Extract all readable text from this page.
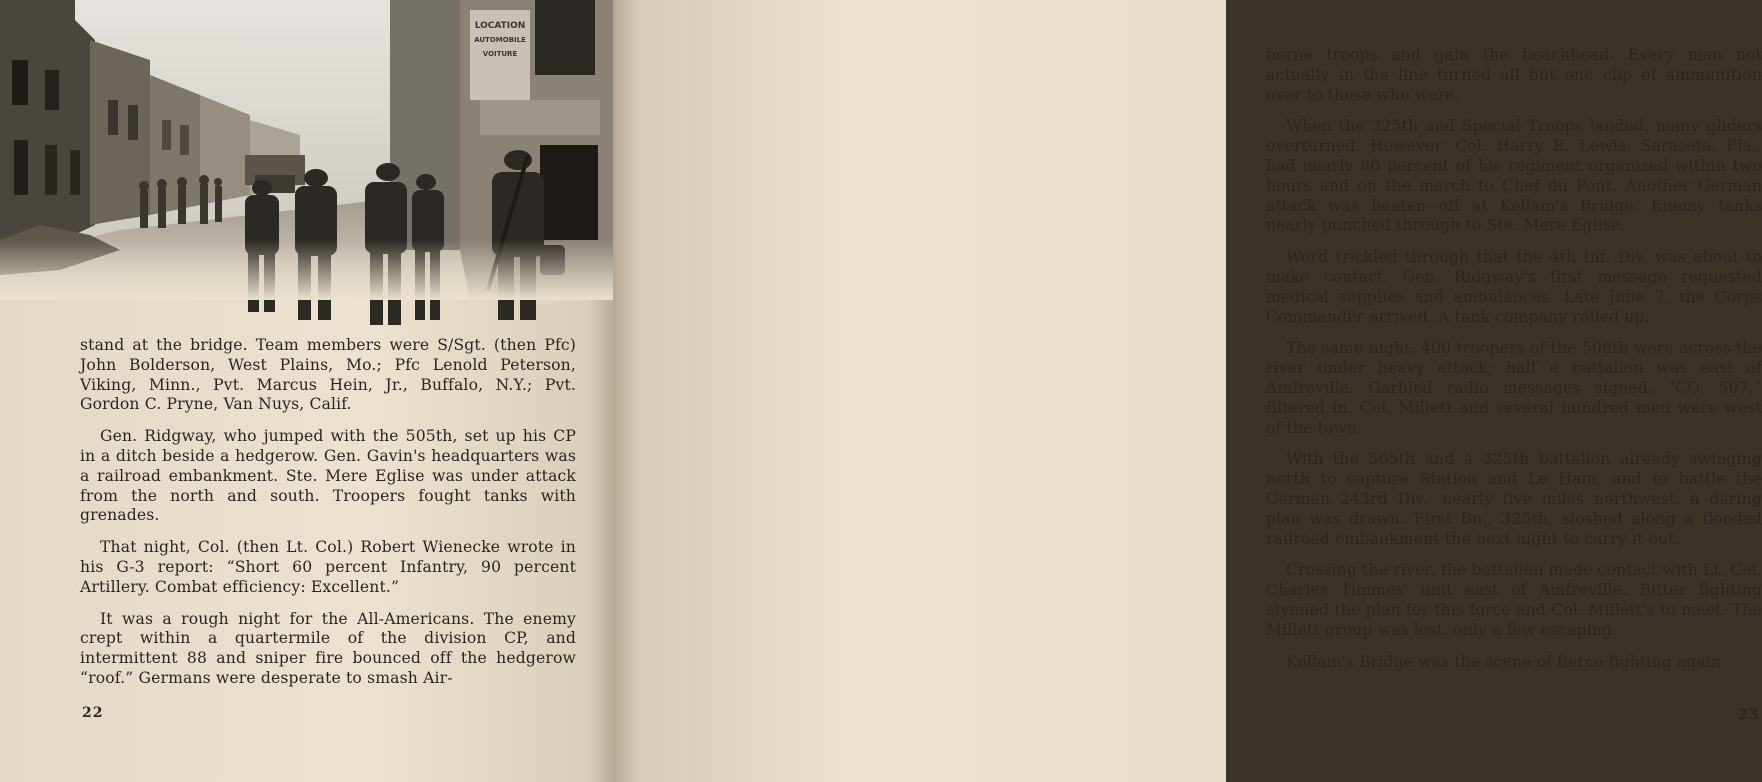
LOCATION
AUTOMOBILE
VOITURE

stand at the bridge. Team members were S/Sgt. (then Pfc) John Bolderson, West Plains, Mo.; Pfc Lenold Peterson, Viking, Minn., Pvt. Marcus Hein, Jr., Buffalo, N.Y.; Pvt. Gordon C. Pryne, Van Nuys, Calif.

Gen. Ridgway, who jumped with the 505th, set up his CP in a ditch beside a hedgerow. Gen. Gavin's headquarters was a railroad embankment. Ste. Mere Eglise was under attack from the north and south. Troopers fought tanks with grenades.

That night, Col. (then Lt. Col.) Robert Wienecke wrote in his G-3 report: “Short 60 percent Infantry, 90 percent Artillery. Combat efficiency: Excellent.”

It was a rough night for the All-Americans. The enemy crept within a quartermile of the division CP, and intermittent 88 and sniper fire bounced off the hedgerow “roof.” Germans were desperate to smash Air-

22

borne troops and gain the beachhead. Every man not actually in the line turned all but one clip of ammunition over to those who were.

When the 325th and Special Troops landed, many gliders overturned. However, Col. Harry E. Lewis, Sarasota, Fla., had nearly 80 percent of his regiment organized within two hours and on the march to Chef du Pont. Another German attack was beaten off at Kellam's Bridge. Enemy tanks nearly punched through to Ste. Mere Eglise.

Word trickled through that the 4th Inf. Div. was about to make contact. Gen. Ridgway's first message requested medical supplies and ambulances. Late June 7, the Corps Commander arrived. A tank company rolled up.

The same night, 400 troopers of the 508th were across the river under heavy attack; half a battalion was east of Amfreville. Garbled radio messages signed, “CO, 507,” filtered in. Col. Millett and several hundred men were west of the town.

With the 505th and a 325th battalion already swinging north to capture Station and Le Ham, and to battle the German 243rd Div., nearly five miles northwest, a daring plan was drawn. First Bn., 325th, sloshed along a flooded railroad embankment the next night to carry it out.

Crossing the river, the battalion made contact with Lt. Col. Charles Timmes' unit east of Amfreville. Bitter fighting stymied the plan for this force and Col. Millett's to meet. The Millett group was lost, only a few escaping.

Kellam's Bridge was the scene of fierce fighting again

23
